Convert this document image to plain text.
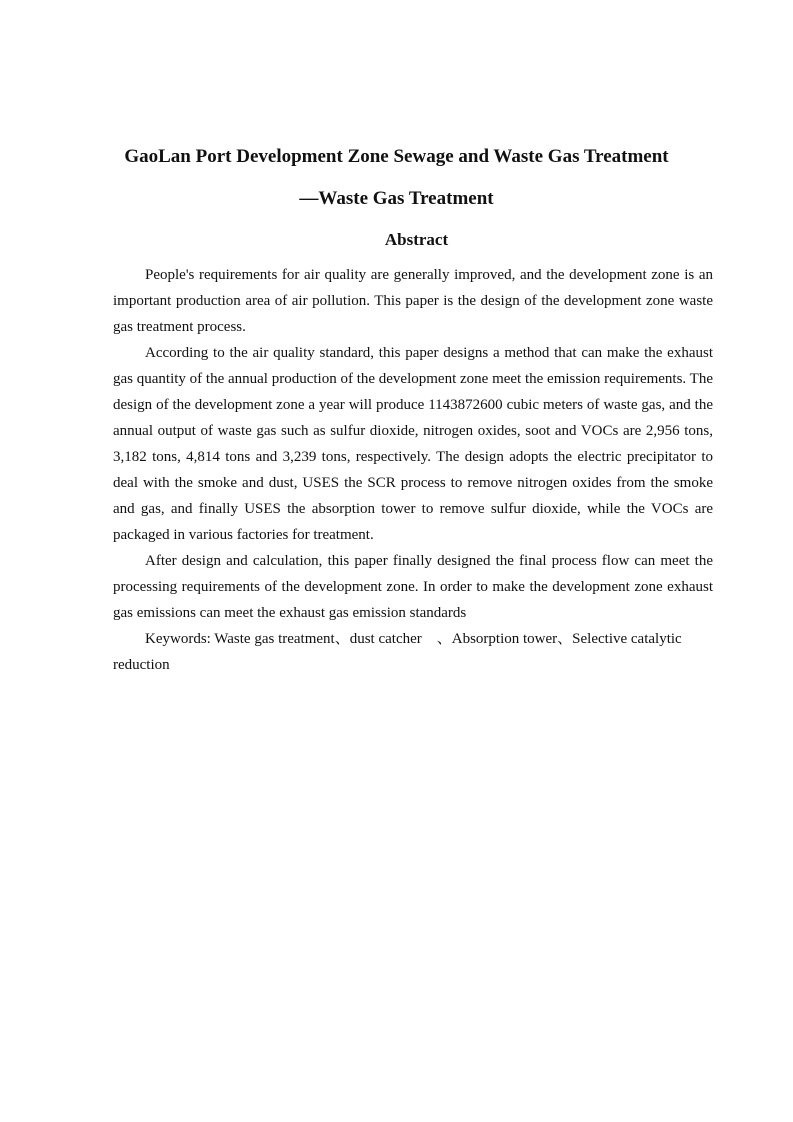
GaoLan Port Development Zone Sewage and Waste Gas Treatment
—Waste Gas Treatment
Abstract

People's requirements for air quality are generally improved, and the development zone is an important production area of air pollution. This paper is the design of the development zone waste gas treatment process.

According to the air quality standard, this paper designs a method that can make the exhaust gas quantity of the annual production of the development zone meet the emission requirements. The design of the development zone a year will produce 1143872600 cubic meters of waste gas, and the annual output of waste gas such as sulfur dioxide, nitrogen oxides, soot and VOCs are 2,956 tons, 3,182 tons, 4,814 tons and 3,239 tons, respectively. The design adopts the electric precipitator to deal with the smoke and dust, USES the SCR process to remove nitrogen oxides from the smoke and gas, and finally USES the absorption tower to remove sulfur dioxide, while the VOCs are packaged in various factories for treatment.

After design and calculation, this paper finally designed the final process flow can meet the processing requirements of the development zone. In order to make the development zone exhaust gas emissions can meet the exhaust gas emission standards

Keywords: Waste gas treatment、dust catcher　、Absorption tower、Selective catalytic reduction
